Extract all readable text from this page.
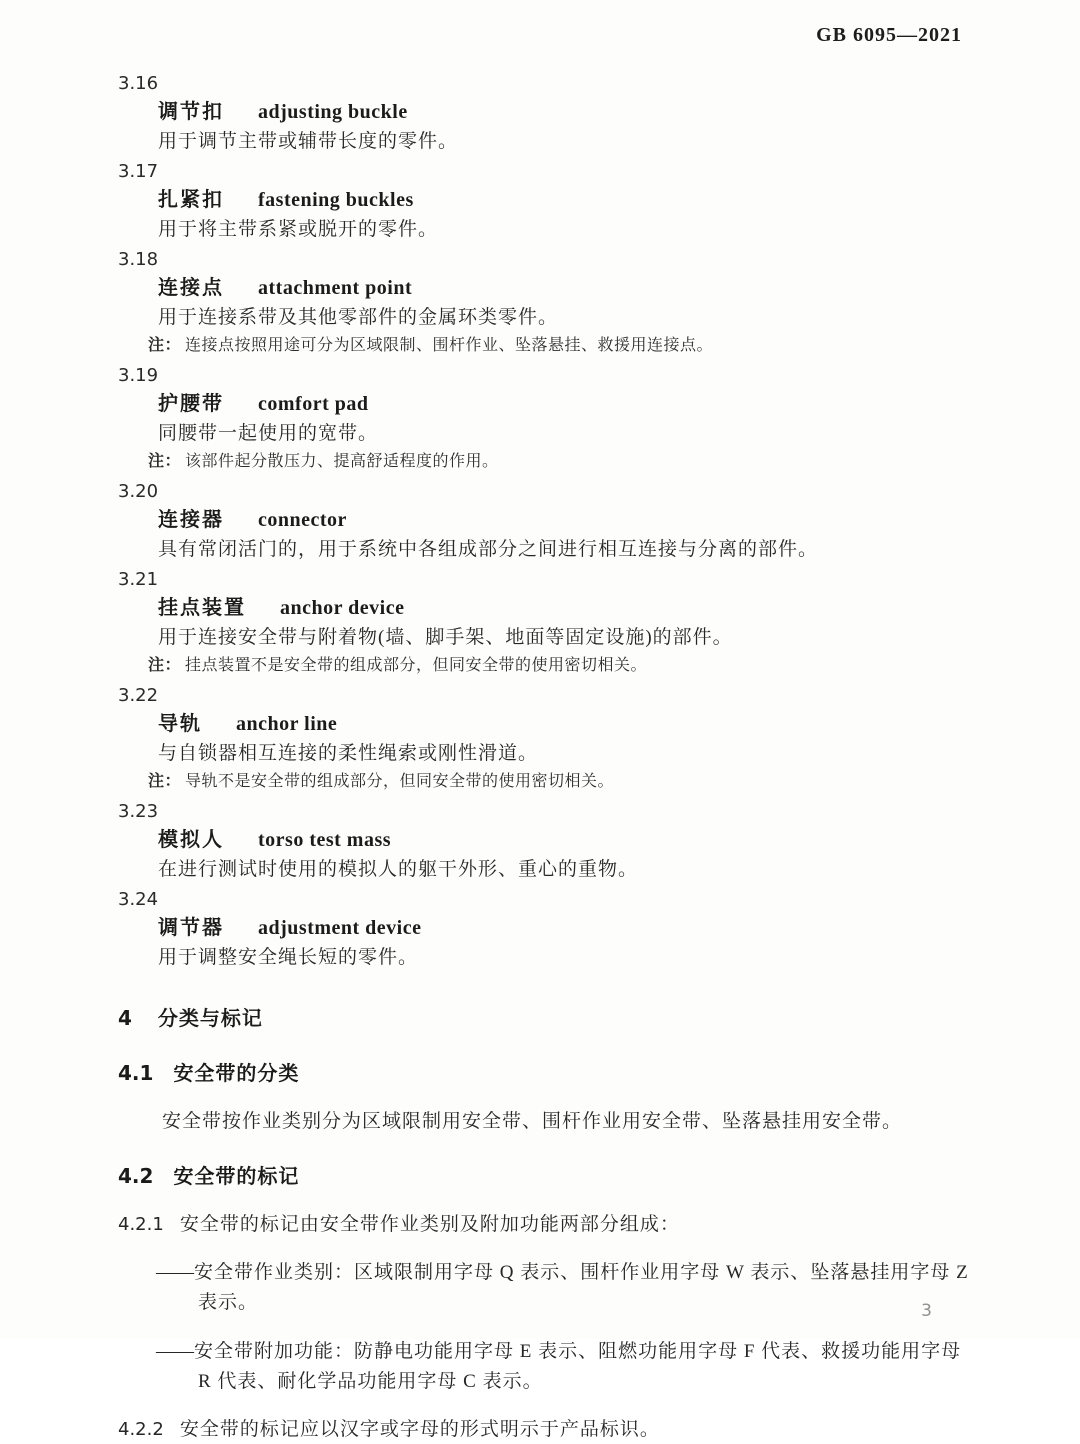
GB 6095—2021
3.16
调节扣 adjusting buckle
用于调节主带或辅带长度的零件。
3.17
扎紧扣 fastening buckles
用于将主带系紧或脱开的零件。
3.18
连接点 attachment point
用于连接系带及其他零部件的金属环类零件。
注： 连接点按照用途可分为区域限制、围杆作业、坠落悬挂、救援用连接点。
3.19
护腰带 comfort pad
同腰带一起使用的宽带。
注： 该部件起分散压力、提高舒适程度的作用。
3.20
连接器 connector
具有常闭活门的，用于系统中各组成部分之间进行相互连接与分离的部件。
3.21
挂点装置 anchor device
用于连接安全带与附着物(墙、脚手架、地面等固定设施)的部件。
注： 挂点装置不是安全带的组成部分，但同安全带的使用密切相关。
3.22
导轨 anchor line
与自锁器相互连接的柔性绳索或刚性滑道。
注： 导轨不是安全带的组成部分，但同安全带的使用密切相关。
3.23
模拟人 torso test mass
在进行测试时使用的模拟人的躯干外形、重心的重物。
3.24
调节器 adjustment device
用于调整安全绳长短的零件。
4 分类与标记
4.1 安全带的分类

安全带按作业类别分为区域限制用安全带、围杆作业用安全带、坠落悬挂用安全带。

4.2 安全带的标记

4.2.1 安全带的标记由安全带作业类别及附加功能两部分组成：

——安全带作业类别：区域限制用字母 Q 表示、围杆作业用字母 W 表示、坠落悬挂用字母 Z 表示。

——安全带附加功能：防静电功能用字母 E 表示、阻燃功能用字母 F 代表、救援功能用字母 R 代表、耐化学品功能用字母 C 表示。

4.2.2 安全带的标记应以汉字或字母的形式明示于产品标识。

3
